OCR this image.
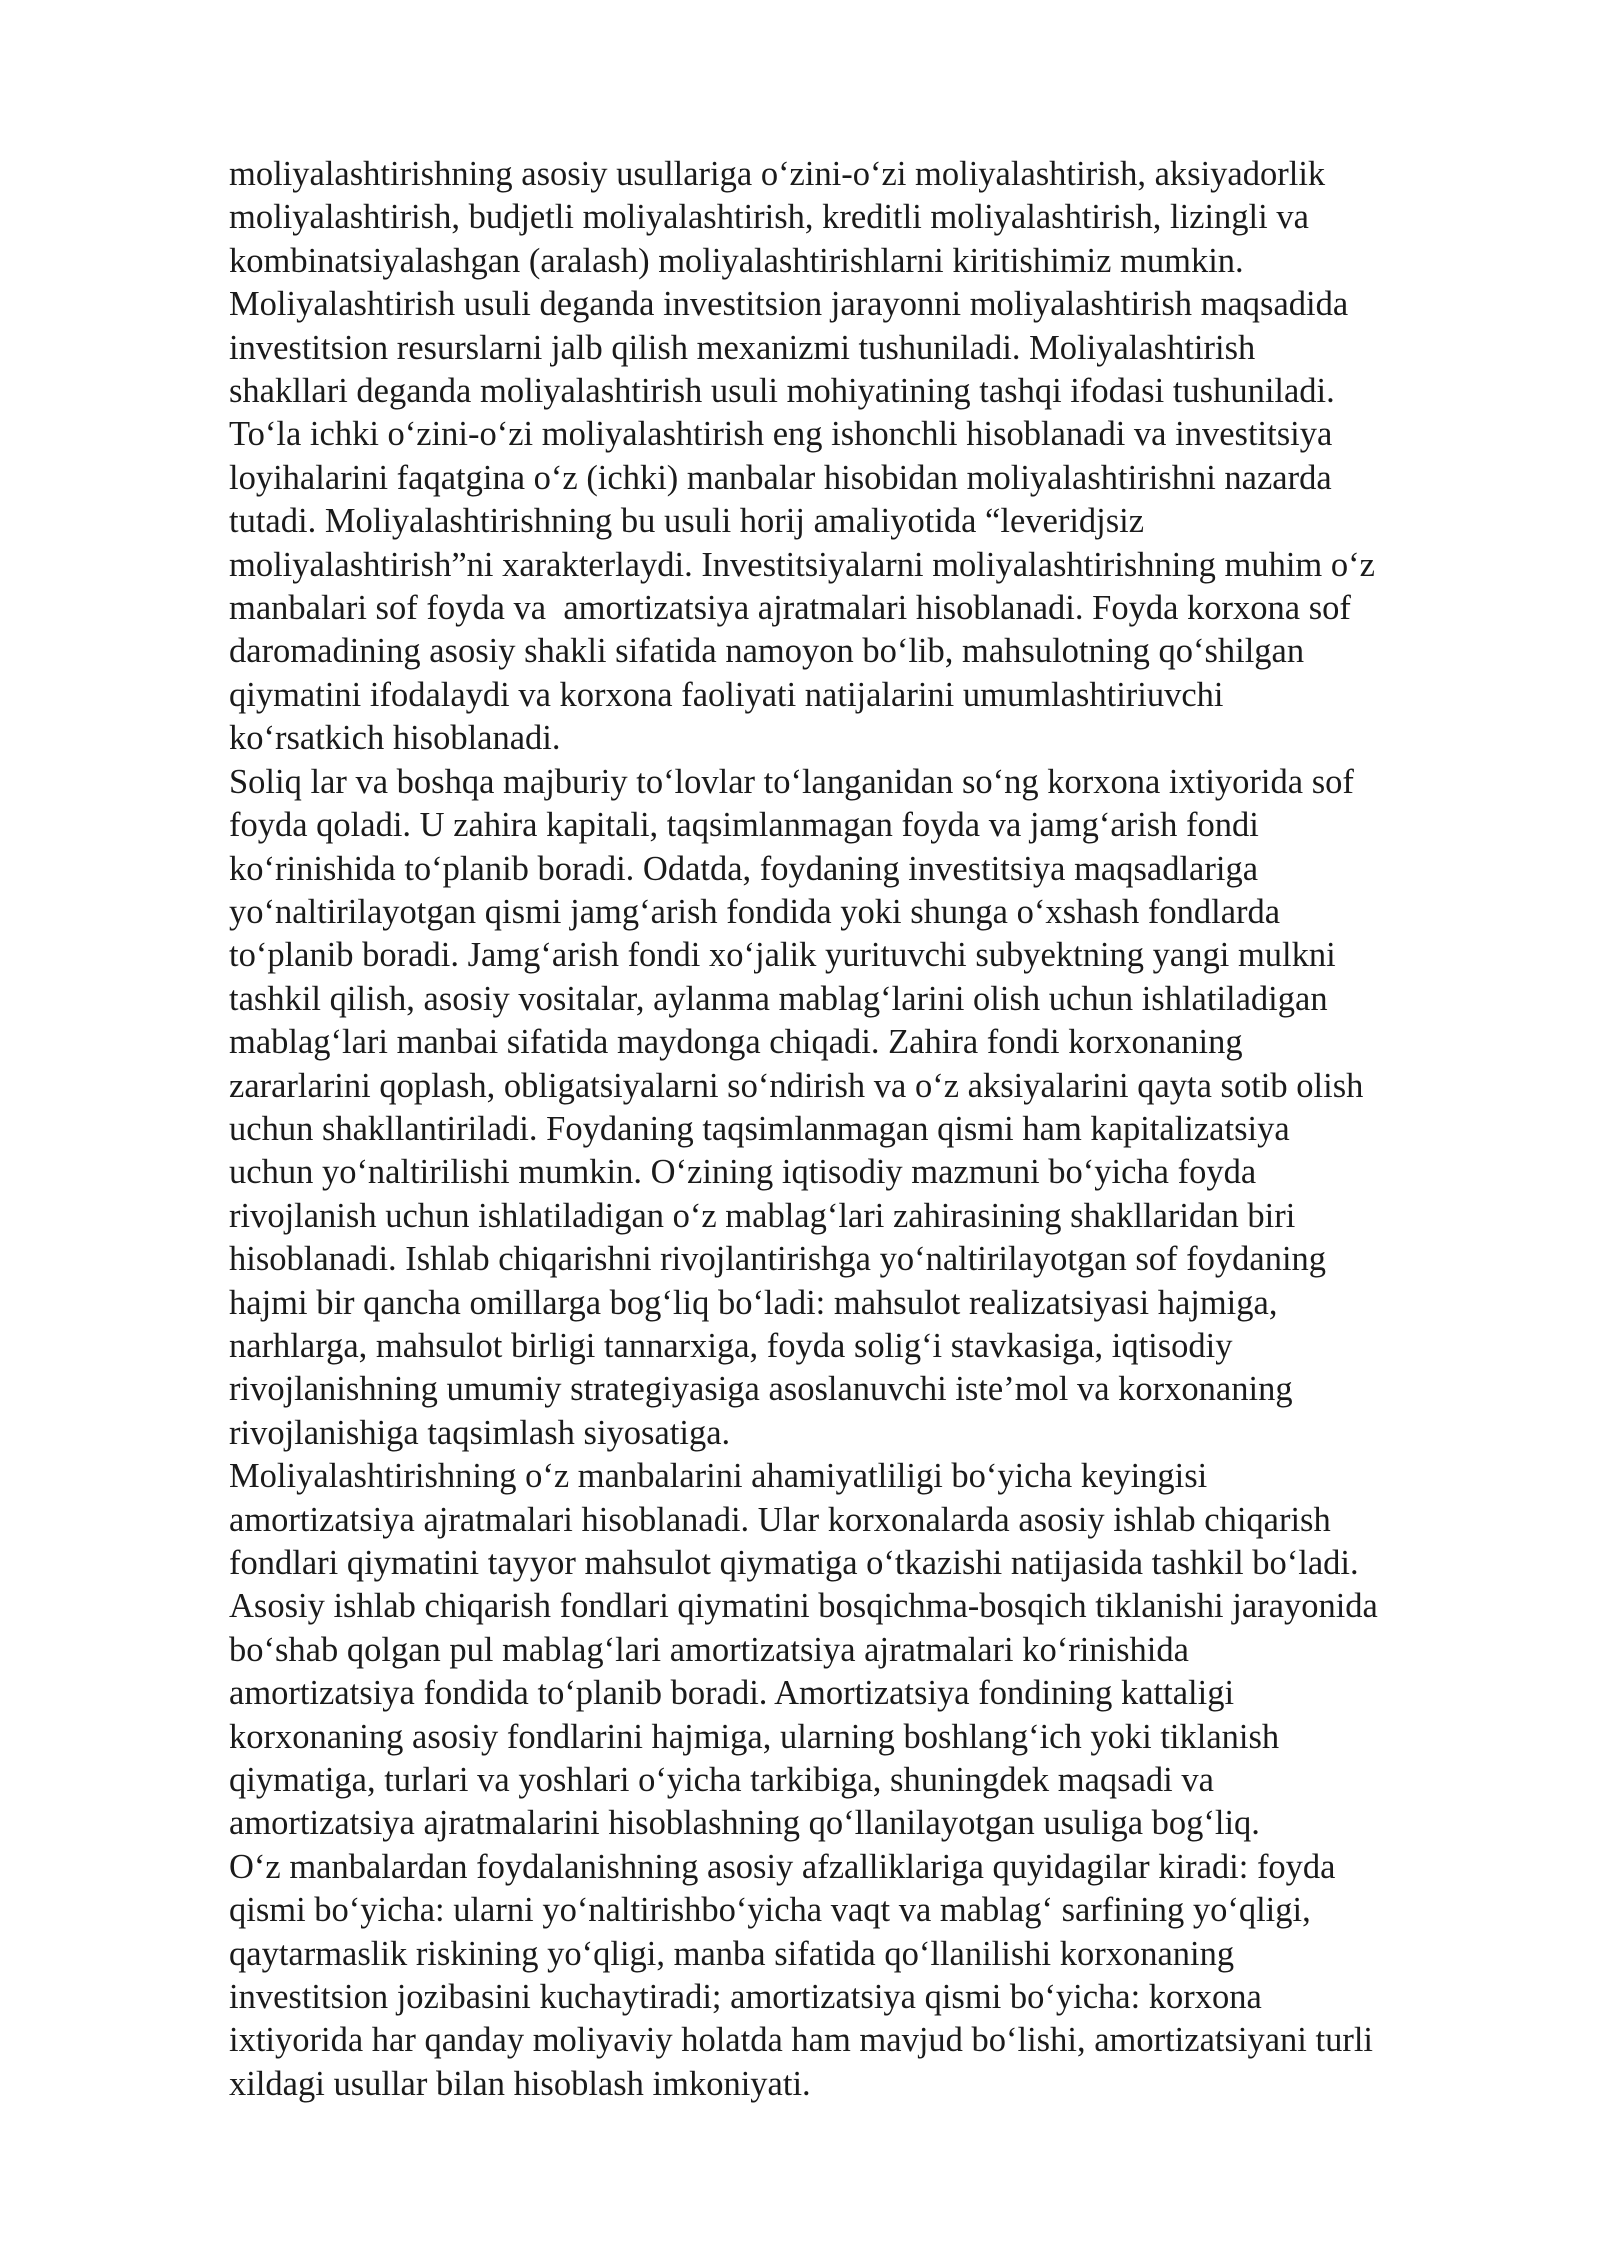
moliyalashtirishning asosiy usullariga o‘zini-o‘zi moliyalashtirish, aksiyadorlik
moliyalashtirish, budjetli moliyalashtirish, kreditli moliyalashtirish, lizingli va
kombinatsiyalashgan (aralash) moliyalashtirishlarni kiritishimiz mumkin.
Moliyalashtirish usuli deganda investitsion jarayonni moliyalashtirish maqsadida
investitsion resurslarni jalb qilish mexanizmi tushuniladi. Moliyalashtirish
shakllari deganda moliyalashtirish usuli mohiyatining tashqi ifodasi tushuniladi.
To‘la ichki o‘zini-o‘zi moliyalashtirish eng ishonchli hisoblanadi va investitsiya
loyihalarini faqatgina o‘z (ichki) manbalar hisobidan moliyalashtirishni nazarda
tutadi. Moliyalashtirishning bu usuli horij amaliyotida “leveridjsiz
moliyalashtirish”ni xarakterlaydi. Investitsiyalarni moliyalashtirishning muhim o‘z
manbalari sof foyda va  amortizatsiya ajratmalari hisoblanadi. Foyda korxona sof
daromadining asosiy shakli sifatida namoyon bo‘lib, mahsulotning qo‘shilgan
qiymatini ifodalaydi va korxona faoliyati natijalarini umumlashtiriuvchi
ko‘rsatkich hisoblanadi.
Soliq lar va boshqa majburiy to‘lovlar to‘langanidan so‘ng korxona ixtiyorida sof
foyda qoladi. U zahira kapitali, taqsimlanmagan foyda va jamg‘arish fondi
ko‘rinishida to‘planib boradi. Odatda, foydaning investitsiya maqsadlariga
yo‘naltirilayotgan qismi jamg‘arish fondida yoki shunga o‘xshash fondlarda
to‘planib boradi. Jamg‘arish fondi xo‘jalik yurituvchi subyektning yangi mulkni
tashkil qilish, asosiy vositalar, aylanma mablag‘larini olish uchun ishlatiladigan
mablag‘lari manbai sifatida maydonga chiqadi. Zahira fondi korxonaning
zararlarini qoplash, obligatsiyalarni so‘ndirish va o‘z aksiyalarini qayta sotib olish
uchun shakllantiriladi. Foydaning taqsimlanmagan qismi ham kapitalizatsiya
uchun yo‘naltirilishi mumkin. O‘zining iqtisodiy mazmuni bo‘yicha foyda
rivojlanish uchun ishlatiladigan o‘z mablag‘lari zahirasining shakllaridan biri
hisoblanadi. Ishlab chiqarishni rivojlantirishga yo‘naltirilayotgan sof foydaning
hajmi bir qancha omillarga bog‘liq bo‘ladi: mahsulot realizatsiyasi hajmiga,
narhlarga, mahsulot birligi tannarxiga, foyda solig‘i stavkasiga, iqtisodiy
rivojlanishning umumiy strategiyasiga asoslanuvchi iste’mol va korxonaning
rivojlanishiga taqsimlash siyosatiga.
Moliyalashtirishning o‘z manbalarini ahamiyatliligi bo‘yicha keyingisi
amortizatsiya ajratmalari hisoblanadi. Ular korxonalarda asosiy ishlab chiqarish
fondlari qiymatini tayyor mahsulot qiymatiga o‘tkazishi natijasida tashkil bo‘ladi.
Asosiy ishlab chiqarish fondlari qiymatini bosqichma-bosqich tiklanishi jarayonida
bo‘shab qolgan pul mablag‘lari amortizatsiya ajratmalari ko‘rinishida
amortizatsiya fondida to‘planib boradi. Amortizatsiya fondining kattaligi
korxonaning asosiy fondlarini hajmiga, ularning boshlang‘ich yoki tiklanish
qiymatiga, turlari va yoshlari o‘yicha tarkibiga, shuningdek maqsadi va
amortizatsiya ajratmalarini hisoblashning qo‘llanilayotgan usuliga bog‘liq.
O‘z manbalardan foydalanishning asosiy afzalliklariga quyidagilar kiradi: foyda
qismi bo‘yicha: ularni yo‘naltirishbo‘yicha vaqt va mablag‘ sarfining yo‘qligi,
qaytarmaslik riskining yo‘qligi, manba sifatida qo‘llanilishi korxonaning
investitsion jozibasini kuchaytiradi; amortizatsiya qismi bo‘yicha: korxona
ixtiyorida har qanday moliyaviy holatda ham mavjud bo‘lishi, amortizatsiyani turli
xildagi usullar bilan hisoblash imkoniyati.
